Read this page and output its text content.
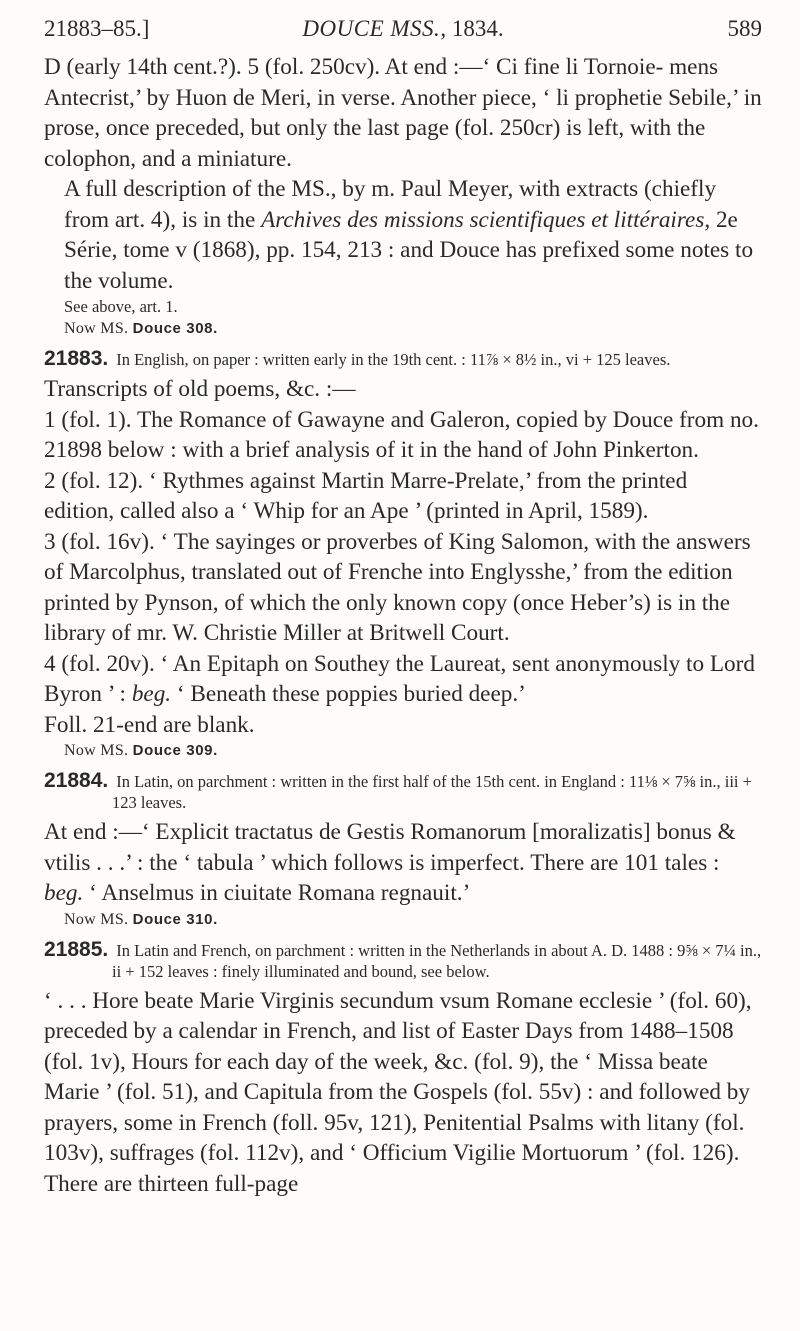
21883–85.]	DOUCE MSS., 1834.	589

D (early 14th cent.?). 5 (fol. 250cv). At end :—‘ Ci fine li Tornoie- mens Antecrist,’ by Huon de Meri, in verse. Another piece, ‘ li prophetie Sebile,’ in prose, once preceded, but only the last page (fol. 250cr) is left, with the colophon, and a miniature.

A full description of the MS., by m. Paul Meyer, with extracts (chiefly from art. 4), is in the Archives des missions scientifiques et littéraires, 2e Série, tome v (1868), pp. 154, 213 : and Douce has prefixed some notes to the volume.

See above, art. 1.

Now MS. Douce 308.

21883. In English, on paper : written early in the 19th cent. : 11⅞ × 8½ in., vi + 125 leaves.

Transcripts of old poems, &c. :—

1 (fol. 1). The Romance of Gawayne and Galeron, copied by Douce from no. 21898 below : with a brief analysis of it in the hand of John Pinkerton.

2 (fol. 12). ‘ Rythmes against Martin Marre-Prelate,’ from the printed edition, called also a ‘ Whip for an Ape ’ (printed in April, 1589).

3 (fol. 16v). ‘ The sayinges or proverbes of King Salomon, with the answers of Marcolphus, translated out of Frenche into Englysshe,’ from the edition printed by Pynson, of which the only known copy (once Heber’s) is in the library of mr. W. Christie Miller at Britwell Court.

4 (fol. 20v). ‘ An Epitaph on Southey the Laureat, sent anonymously to Lord Byron ’ : beg. ‘ Beneath these poppies buried deep.’

Foll. 21-end are blank.

Now MS. Douce 309.

21884. In Latin, on parchment : written in the first half of the 15th cent. in England : 11⅛ × 7⅝ in., iii + 123 leaves.

At end :—‘ Explicit tractatus de Gestis Romanorum [moralizatis] bonus & vtilis . . .’ : the ‘ tabula ’ which follows is imperfect. There are 101 tales : beg. ‘ Anselmus in ciuitate Romana regnauit.’

Now MS. Douce 310.

21885. In Latin and French, on parchment : written in the Netherlands in about A. D. 1488 : 9⅝ × 7¼ in., ii + 152 leaves : finely illuminated and bound, see below.

‘ . . . Hore beate Marie Virginis secundum vsum Romane ecclesie ’ (fol. 60), preceded by a calendar in French, and list of Easter Days from 1488–1508 (fol. 1v), Hours for each day of the week, &c. (fol. 9), the ‘ Missa beate Marie ’ (fol. 51), and Capitula from the Gospels (fol. 55v) : and followed by prayers, some in French (foll. 95v, 121), Penitential Psalms with litany (fol. 103v), suffrages (fol. 112v), and ‘ Officium Vigilie Mortuorum ’ (fol. 126). There are thirteen full-page
